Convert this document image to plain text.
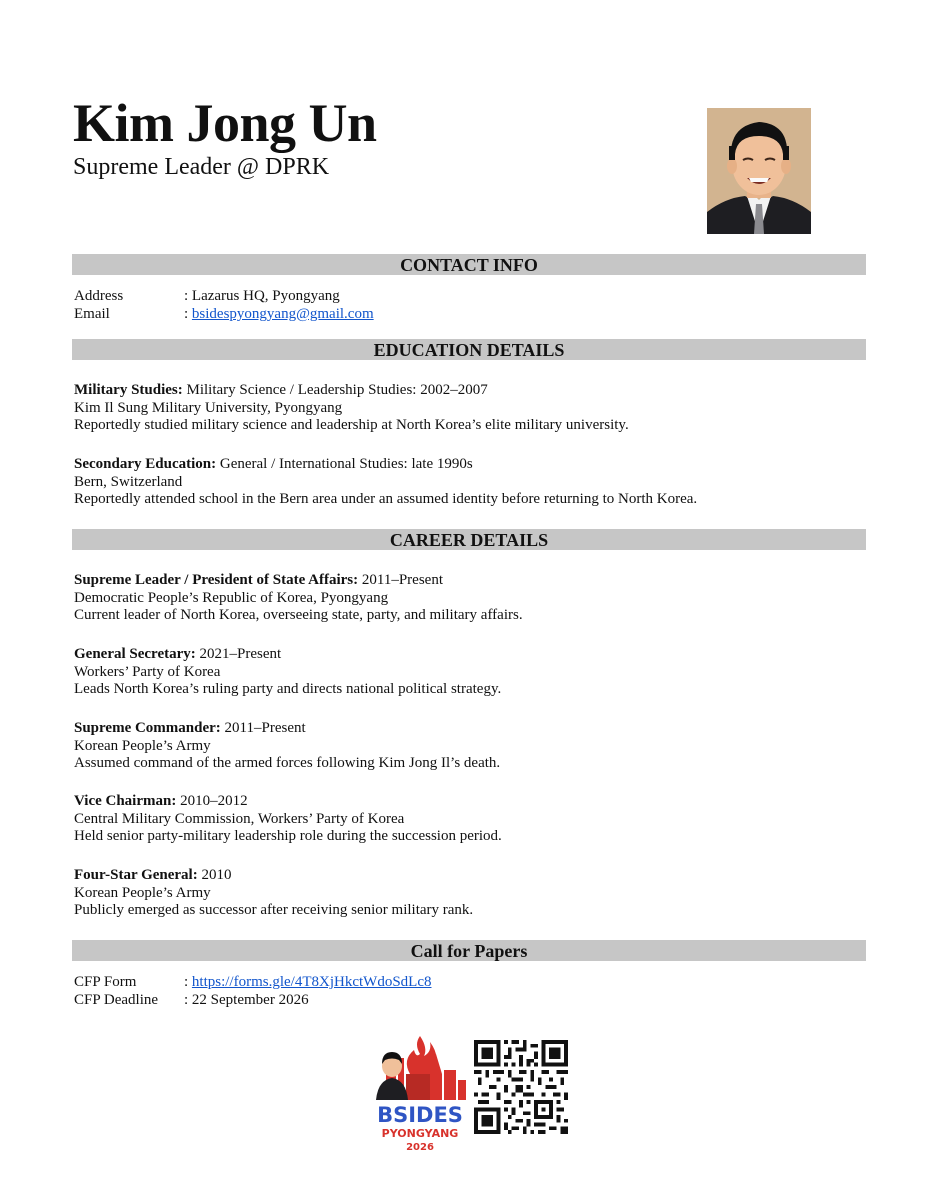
Kim Jong Un
Supreme Leader @ DPRK
CONTACT INFO
Address	: Lazarus HQ, Pyongyang
Email	: bsidespyongyang@gmail.com
EDUCATION DETAILS
Military Studies: Military Science / Leadership Studies: 2002–2007
Kim Il Sung Military University, Pyongyang
Reportedly studied military science and leadership at North Korea’s elite military university.
Secondary Education: General / International Studies: late 1990s
Bern, Switzerland
Reportedly attended school in the Bern area under an assumed identity before returning to North Korea.
CAREER DETAILS
Supreme Leader / President of State Affairs: 2011–Present
Democratic People’s Republic of Korea, Pyongyang
Current leader of North Korea, overseeing state, party, and military affairs.
General Secretary: 2021–Present
Workers’ Party of Korea
Leads North Korea’s ruling party and directs national political strategy.
Supreme Commander: 2011–Present
Korean People’s Army
Assumed command of the armed forces following Kim Jong Il’s death.
Vice Chairman: 2010–2012
Central Military Commission, Workers’ Party of Korea
Held senior party-military leadership role during the succession period.
Four-Star General: 2010
Korean People’s Army
Publicly emerged as successor after receiving senior military rank.
Call for Papers
CFP Form	: https://forms.gle/4T8XjHkctWdoSdLc8
CFP Deadline : 22 September 2026
BSIDES
PYONGYANG
2026
